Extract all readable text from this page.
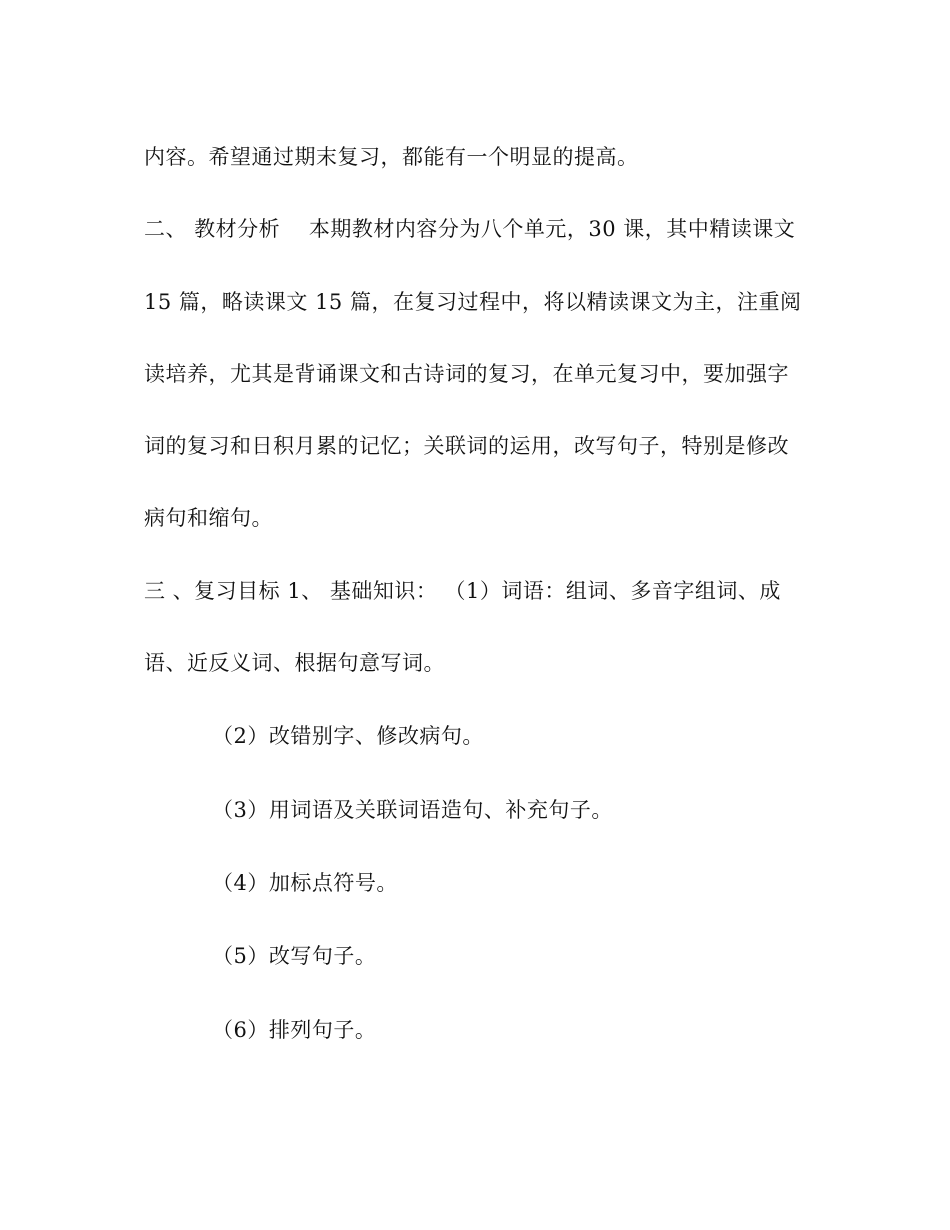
内容。希望通过期末复习，都能有一个明显的提高。
二、 教材分析    本期教材内容分为八个单元，30 课，其中精读课文
15 篇，略读课文 15 篇，在复习过程中，将以精读课文为主，注重阅
读培养，尤其是背诵课文和古诗词的复习，在单元复习中，要加强字
词的复习和日积月累的记忆；关联词的运用，改写句子，特别是修改
病句和缩句。
三 、复习目标 1、 基础知识： （1）词语：组词、多音字组词、成
语、近反义词、根据句意写词。
（2）改错别字、修改病句。
（3）用词语及关联词语造句、补充句子。
（4）加标点符号。
（5）改写句子。
（6）排列句子。
